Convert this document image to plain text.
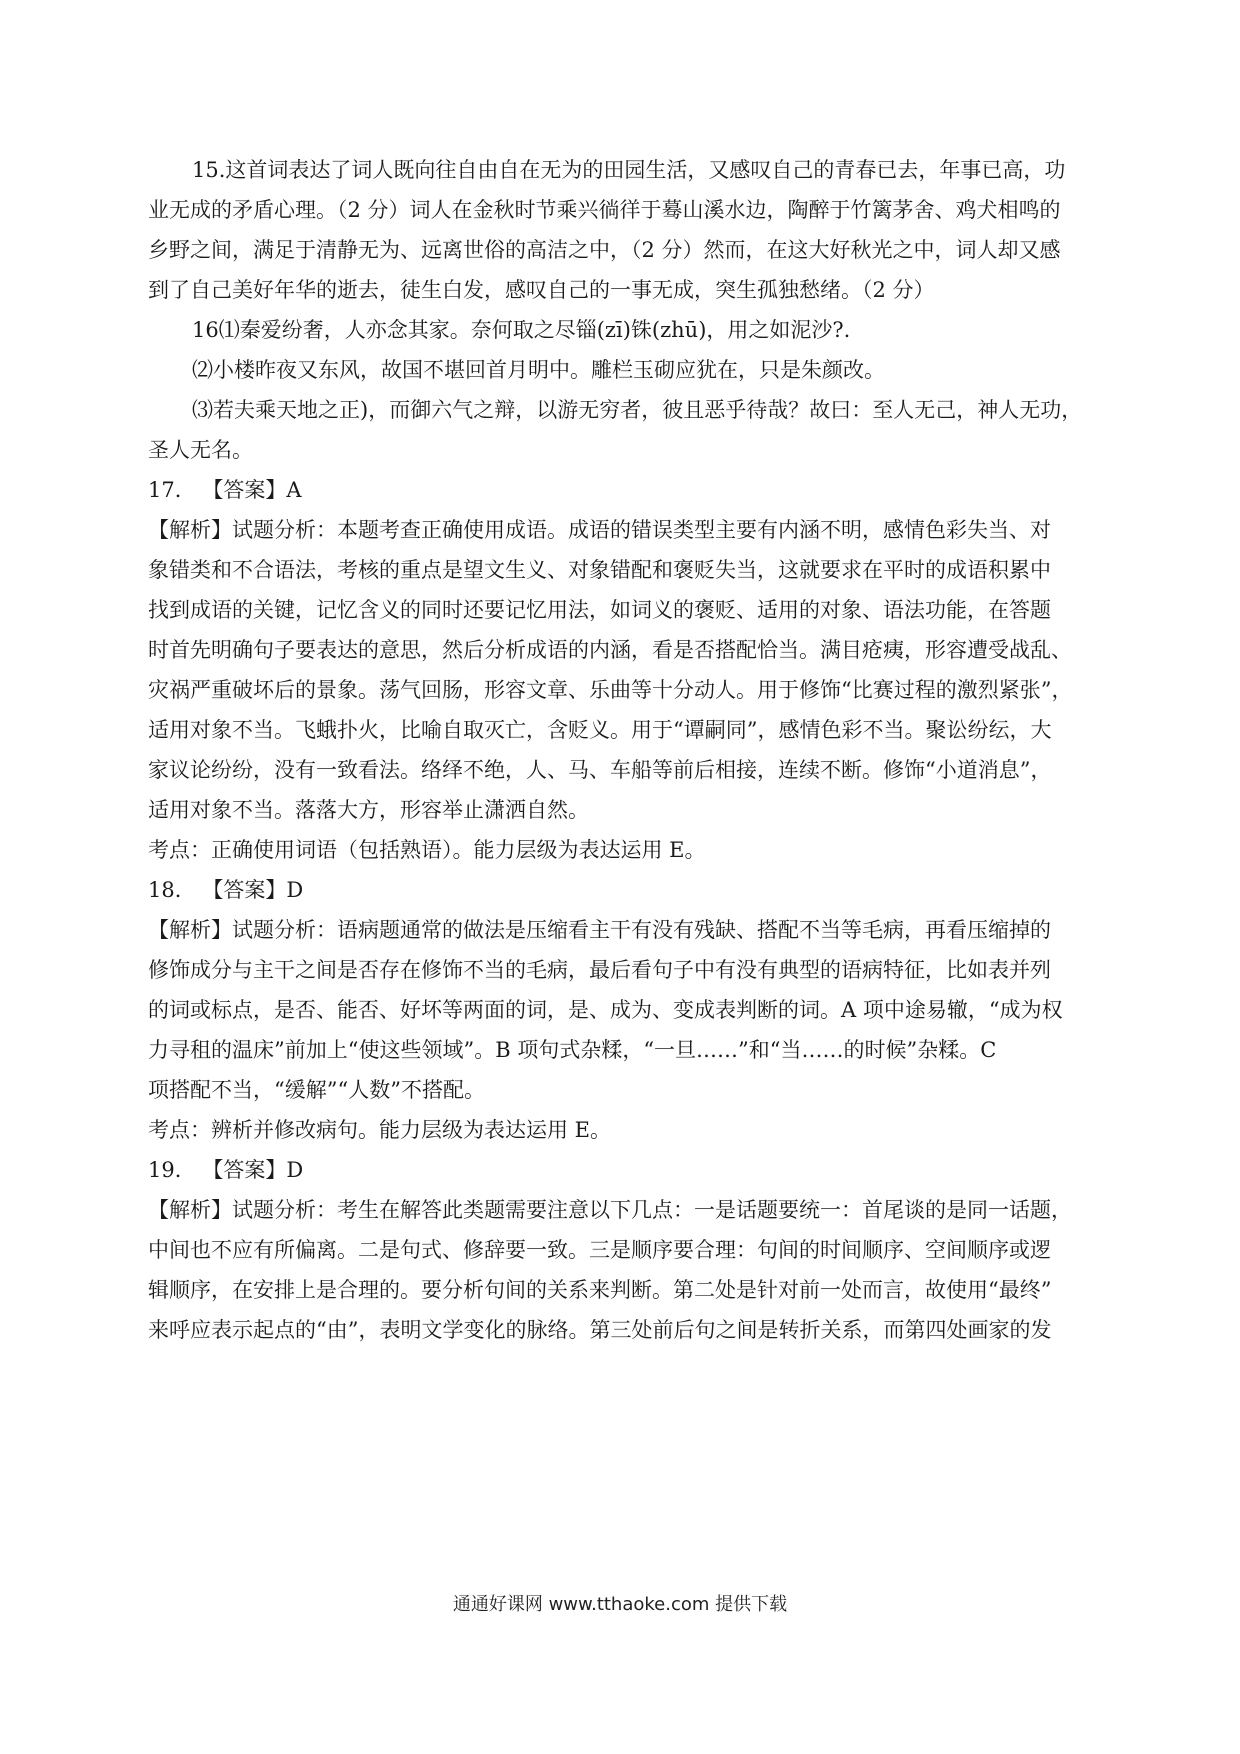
15.这首词表达了词人既向往自由自在无为的田园生活，又感叹自己的青春已去，年事已高，功

业无成的矛盾心理。（2 分）词人在金秋时节乘兴徜徉于蓦山溪水边，陶醉于竹篱茅舍、鸡犬相鸣的

乡野之间，满足于清静无为、远离世俗的高洁之中，（2 分）然而，在这大好秋光之中，词人却又感

到了自己美好年华的逝去，徒生白发，感叹自己的一事无成，突生孤独愁绪。（2 分）

16⑴秦爱纷奢，人亦念其家。奈何取之尽锱(zī)铢(zhū)，用之如泥沙?.

⑵小楼昨夜又东风，故国不堪回首月明中。雕栏玉砌应犹在，只是朱颜改。

⑶若夫乘天地之正)，而御六气之辩，以游无穷者，彼且恶乎待哉？故曰：至人无己，神人无功，

圣人无名。

17． 【答案】A

【解析】试题分析：本题考查正确使用成语。成语的错误类型主要有内涵不明，感情色彩失当、对

象错类和不合语法，考核的重点是望文生义、对象错配和褒贬失当，这就要求在平时的成语积累中

找到成语的关键，记忆含义的同时还要记忆用法，如词义的褒贬、适用的对象、语法功能，在答题

时首先明确句子要表达的意思，然后分析成语的内涵，看是否搭配恰当。满目疮痍，形容遭受战乱、

灾祸严重破坏后的景象。荡气回肠，形容文章、乐曲等十分动人。用于修饰“比赛过程的激烈紧张”，

适用对象不当。飞蛾扑火，比喻自取灭亡，含贬义。用于“谭嗣同”，感情色彩不当。聚讼纷纭，大

家议论纷纷，没有一致看法。络绎不绝，人、马、车船等前后相接，连续不断。修饰“小道消息”，

适用对象不当。落落大方，形容举止潇洒自然。

考点：正确使用词语（包括熟语）。能力层级为表达运用 E。

18． 【答案】D

【解析】试题分析：语病题通常的做法是压缩看主干有没有残缺、搭配不当等毛病，再看压缩掉的

修饰成分与主干之间是否存在修饰不当的毛病，最后看句子中有没有典型的语病特征，比如表并列

的词或标点，是否、能否、好坏等两面的词，是、成为、变成表判断的词。A 项中途易辙，“成为权

力寻租的温床”前加上“使这些领域”。B 项句式杂糅，“一旦……”和“当……的时候”杂糅。C

项搭配不当，“缓解”“人数”不搭配。

考点：辨析并修改病句。能力层级为表达运用 E。

19． 【答案】D

【解析】试题分析：考生在解答此类题需要注意以下几点：一是话题要统一：首尾谈的是同一话题，

中间也不应有所偏离。二是句式、修辞要一致。三是顺序要合理：句间的时间顺序、空间顺序或逻

辑顺序，在安排上是合理的。要分析句间的关系来判断。第二处是针对前一处而言，故使用“最终”

来呼应表示起点的“由”，表明文学变化的脉络。第三处前后句之间是转折关系，而第四处画家的发

通通好课网 www.tthaoke.com 提供下载
